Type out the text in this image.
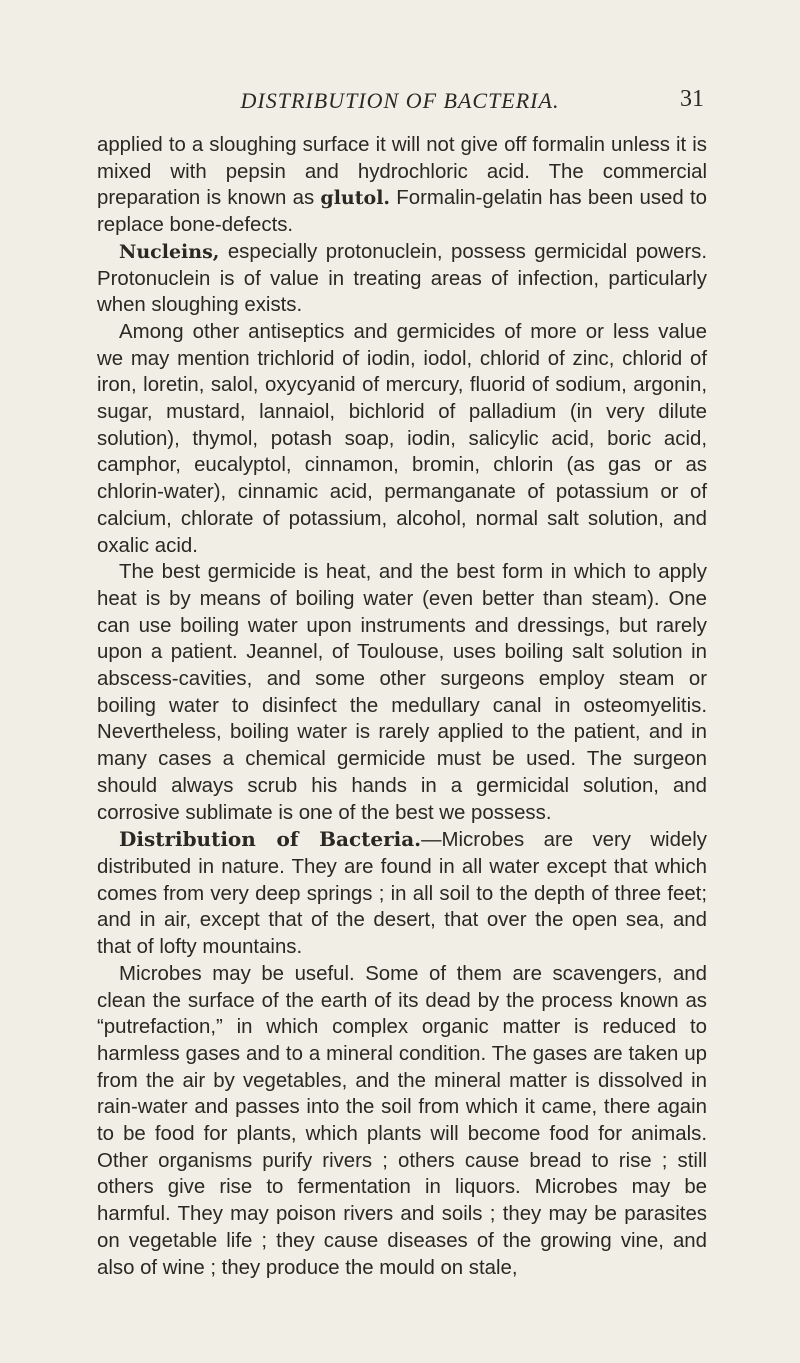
DISTRIBUTION OF BACTERIA.	31

applied to a sloughing surface it will not give off formalin unless it is mixed with pepsin and hydrochloric acid. The commercial preparation is known as glutol. Formalin-gelatin has been used to replace bone-defects.

Nucleins, especially protonuclein, possess germicidal powers. Protonuclein is of value in treating areas of infection, particularly when sloughing exists.

Among other antiseptics and germicides of more or less value we may mention trichlorid of iodin, iodol, chlorid of zinc, chlorid of iron, loretin, salol, oxycyanid of mercury, fluorid of sodium, argonin, sugar, mustard, lannaiol, bichlorid of palladium (in very dilute solution), thymol, potash soap, iodin, salicylic acid, boric acid, camphor, eucalyptol, cinnamon, bromin, chlorin (as gas or as chlorin-water), cinnamic acid, permanganate of potassium or of calcium, chlorate of potassium, alcohol, normal salt solution, and oxalic acid.

The best germicide is heat, and the best form in which to apply heat is by means of boiling water (even better than steam). One can use boiling water upon instruments and dressings, but rarely upon a patient. Jeannel, of Toulouse, uses boiling salt solution in abscess-cavities, and some other surgeons employ steam or boiling water to disinfect the medullary canal in osteomyelitis. Nevertheless, boiling water is rarely applied to the patient, and in many cases a chemical germicide must be used. The surgeon should always scrub his hands in a germicidal solution, and corrosive sublimate is one of the best we possess.

Distribution of Bacteria.—Microbes are very widely distributed in nature. They are found in all water except that which comes from very deep springs ; in all soil to the depth of three feet; and in air, except that of the desert, that over the open sea, and that of lofty mountains.

Microbes may be useful. Some of them are scavengers, and clean the surface of the earth of its dead by the process known as “putrefaction,” in which complex organic matter is reduced to harmless gases and to a mineral condition. The gases are taken up from the air by vegetables, and the mineral matter is dissolved in rain-water and passes into the soil from which it came, there again to be food for plants, which plants will become food for animals. Other organisms purify rivers ; others cause bread to rise ; still others give rise to fermentation in liquors. Microbes may be harmful. They may poison rivers and soils ; they may be parasites on vegetable life ; they cause diseases of the growing vine, and also of wine ; they produce the mould on stale,
